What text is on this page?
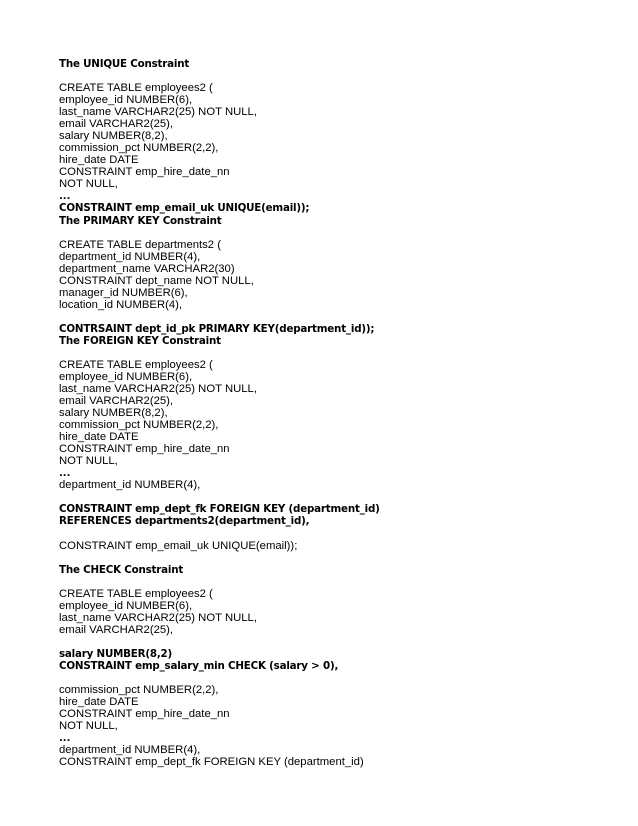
The UNIQUE Constraint
CREATE TABLE employees2 (
employee_id NUMBER(6),
last_name VARCHAR2(25) NOT NULL,
email VARCHAR2(25),
salary NUMBER(8,2),
commission_pct NUMBER(2,2),
hire_date DATE
CONSTRAINT emp_hire_date_nn
NOT NULL,
...
CONSTRAINT emp_email_uk UNIQUE(email));
The PRIMARY KEY Constraint
CREATE TABLE departments2 (
department_id NUMBER(4),
department_name VARCHAR2(30)
CONSTRAINT dept_name NOT NULL,
manager_id NUMBER(6),
location_id NUMBER(4),
CONTRSAINT dept_id_pk PRIMARY KEY(department_id));
The FOREIGN KEY Constraint
CREATE TABLE employees2 (
employee_id NUMBER(6),
last_name VARCHAR2(25) NOT NULL,
email VARCHAR2(25),
salary NUMBER(8,2),
commission_pct NUMBER(2,2),
hire_date DATE
CONSTRAINT emp_hire_date_nn
NOT NULL,
...
department_id NUMBER(4),
CONSTRAINT emp_dept_fk FOREIGN KEY (department_id)
REFERENCES departments2(department_id),
CONSTRAINT emp_email_uk UNIQUE(email));
The CHECK Constraint
CREATE TABLE employees2 (
employee_id NUMBER(6),
last_name VARCHAR2(25) NOT NULL,
email VARCHAR2(25),
salary NUMBER(8,2)
CONSTRAINT emp_salary_min CHECK (salary > 0),
commission_pct NUMBER(2,2),
hire_date DATE
CONSTRAINT emp_hire_date_nn
NOT NULL,
...
department_id NUMBER(4),
CONSTRAINT emp_dept_fk FOREIGN KEY (department_id)
